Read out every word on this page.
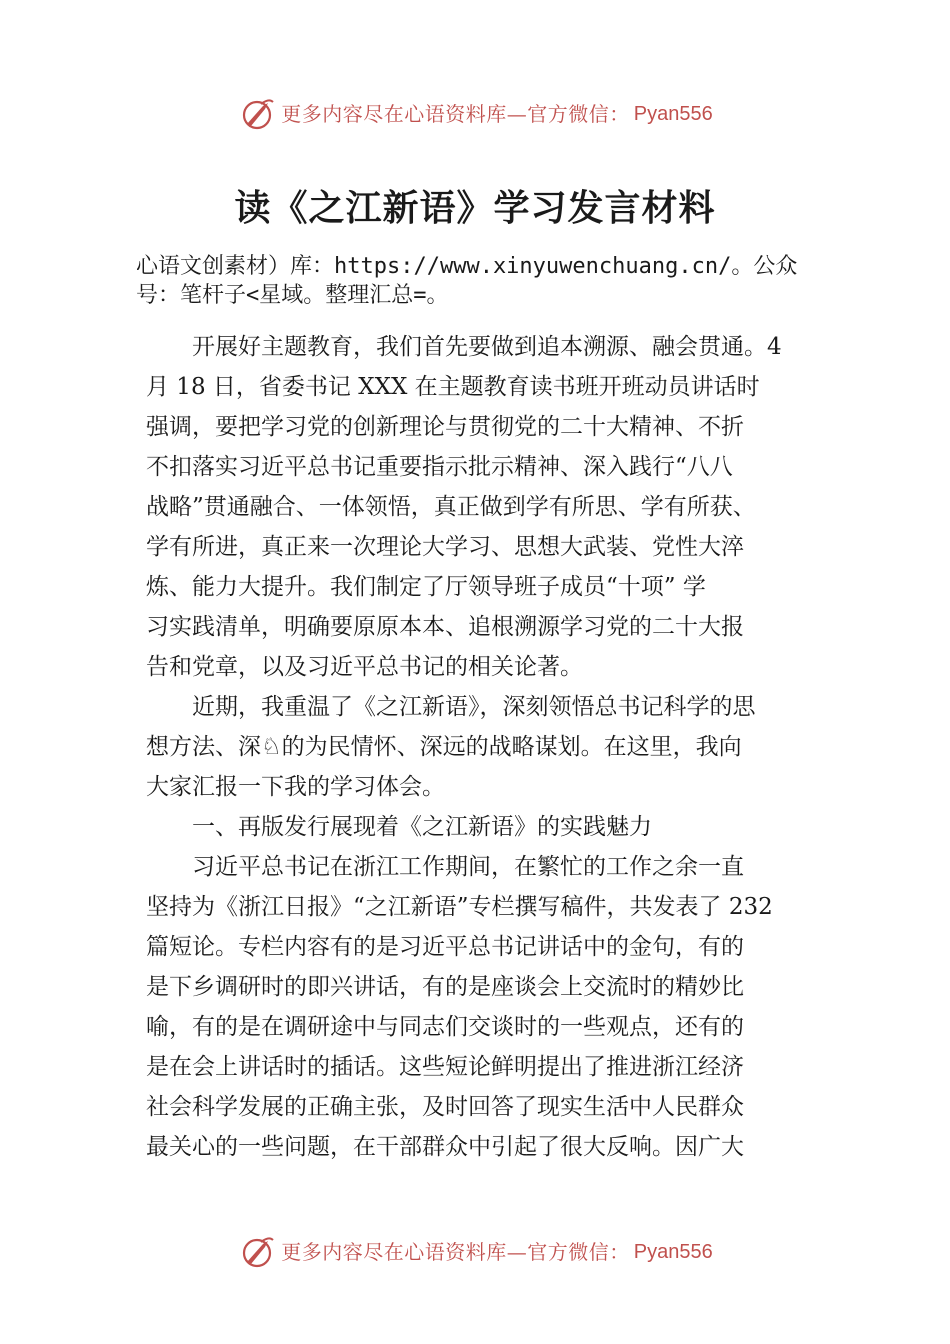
更多内容尽在心语资料库—官方微信： Pyan556
读《之江新语》学习发言材料
心语文创素材）库：https://www.xinyuwenchuang.cn/。公众
号：笔杆子<星域。整理汇总=。
开展好主题教育，我们首先要做到追本溯源、融会贯通。4
月 18 日，省委书记 XXX 在主题教育读书班开班动员讲话时
强调，要把学习党的创新理论与贯彻党的二十大精神、不折
不扣落实习近平总书记重要指示批示精神、深入践行“八八
战略”贯通融合、一体领悟，真正做到学有所思、学有所获、
学有所进，真正来一次理论大学习、思想大武装、党性大淬
炼、能力大提升。我们制定了厅领导班子成员“十项” 学
习实践清单，明确要原原本本、追根溯源学习党的二十大报
告和党章，以及习近平总书记的相关论著。
近期，我重温了《之江新语》，深刻领悟总书记科学的思
想方法、深♘的为民情怀、深远的战略谋划。在这里，我向
大家汇报一下我的学习体会。
一、再版发行展现着《之江新语》的实践魅力
习近平总书记在浙江工作期间，在繁忙的工作之余一直
坚持为《浙江日报》“之江新语”专栏撰写稿件，共发表了 232
篇短论。专栏内容有的是习近平总书记讲话中的金句，有的
是下乡调研时的即兴讲话，有的是座谈会上交流时的精妙比
喻，有的是在调研途中与同志们交谈时的一些观点，还有的
是在会上讲话时的插话。这些短论鲜明提出了推进浙江经济
社会科学发展的正确主张，及时回答了现实生活中人民群众
最关心的一些问题，在干部群众中引起了很大反响。因广大
更多内容尽在心语资料库—官方微信： Pyan556
